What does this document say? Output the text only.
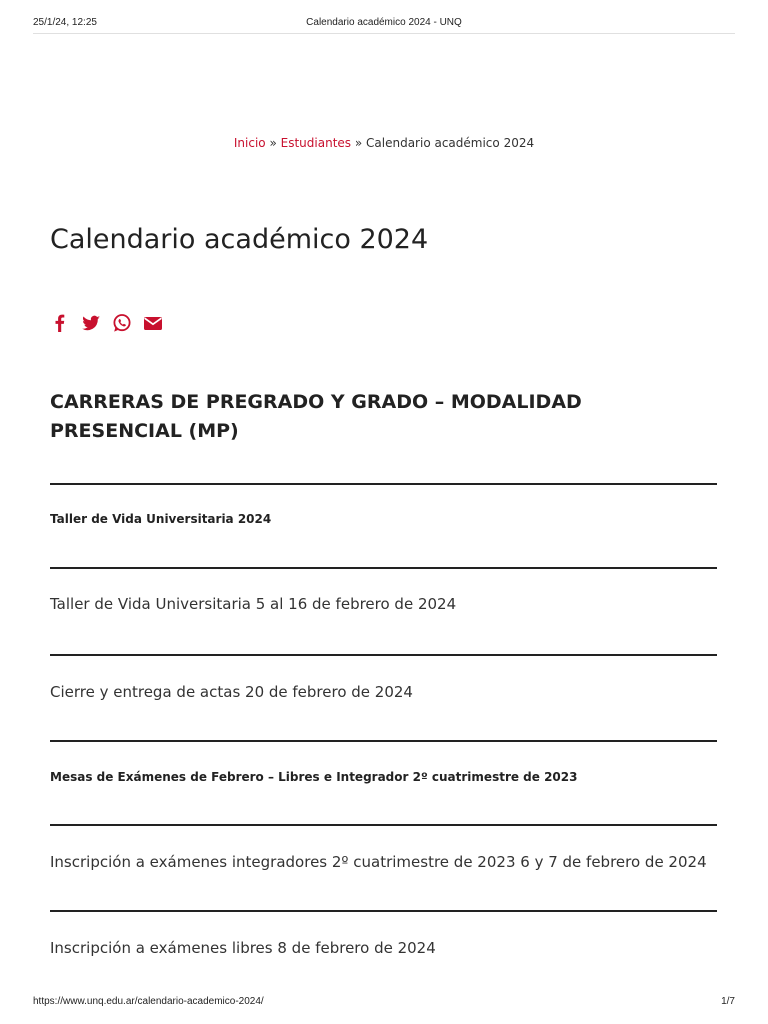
25/1/24, 12:25	Calendario académico 2024 - UNQ
Inicio » Estudiantes » Calendario académico 2024
Calendario académico 2024
CARRERAS DE PREGRADO Y GRADO – MODALIDAD PRESENCIAL (MP)

Taller de Vida Universitaria 2024

Taller de Vida Universitaria 5 al 16 de febrero de 2024

Cierre y entrega de actas 20 de febrero de 2024

Mesas de Exámenes de Febrero – Libres e Integrador 2º cuatrimestre de 2023

Inscripción a exámenes integradores 2º cuatrimestre de 2023 6 y 7 de febrero de 2024

Inscripción a exámenes libres 8 de febrero de 2024

https://www.unq.edu.ar/calendario-academico-2024/	1/7
